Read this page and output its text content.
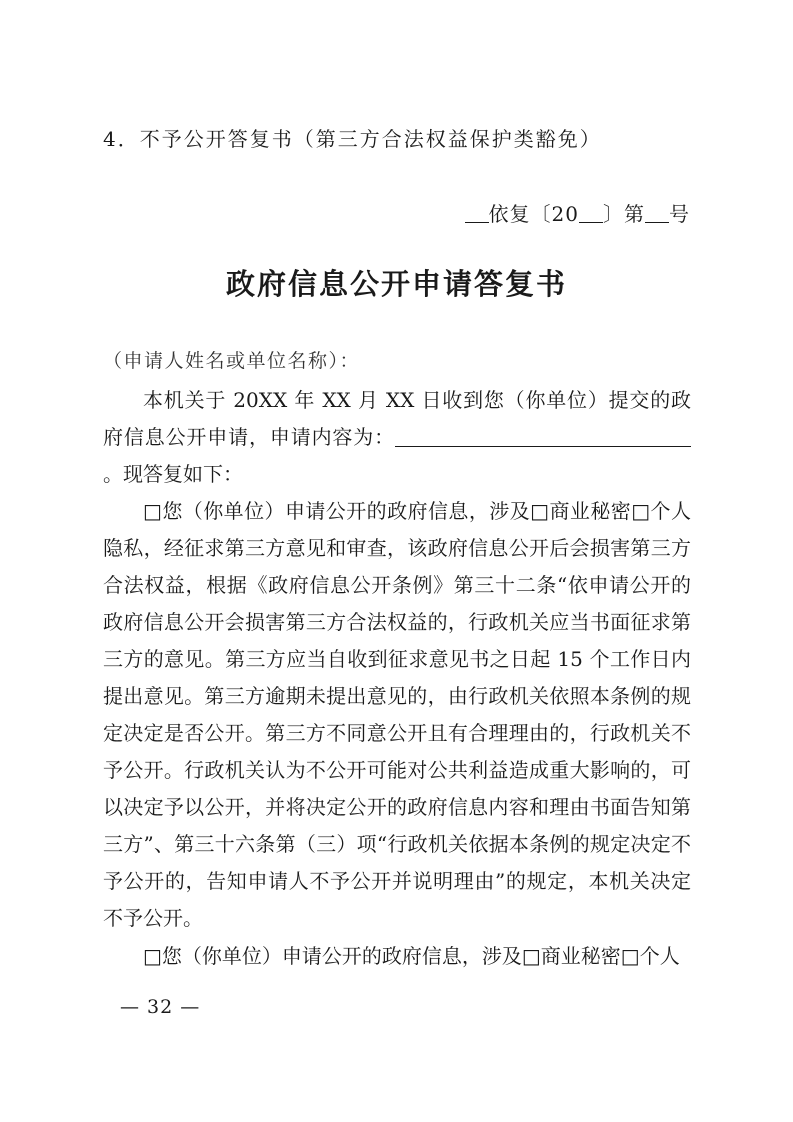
4．不予公开答复书（第三方合法权益保护类豁免）
依复〔20 〕第 号
政府信息公开申请答复书
（申请人姓名或单位名称）：

本机关于 20XX 年 XX 月 XX 日收到您（你单位）提交的政府信息公开申请，申请内容为：。现答复如下：

□您（你单位）申请公开的政府信息，涉及□商业秘密□个人隐私，经征求第三方意见和审查，该政府信息公开后会损害第三方合法权益，根据《政府信息公开条例》第三十二条“依申请公开的政府信息公开会损害第三方合法权益的，行政机关应当书面征求第三方的意见。第三方应当自收到征求意见书之日起 15 个工作日内提出意见。第三方逾期未提出意见的，由行政机关依照本条例的规定决定是否公开。第三方不同意公开且有合理理由的，行政机关不予公开。行政机关认为不公开可能对公共利益造成重大影响的，可以决定予以公开，并将决定公开的政府信息内容和理由书面告知第三方”、第三十六条第（三）项“行政机关依据本条例的规定决定不予公开的，告知申请人不予公开并说明理由”的规定，本机关决定不予公开。

□您（你单位）申请公开的政府信息，涉及□商业秘密□个人

— 32 —
